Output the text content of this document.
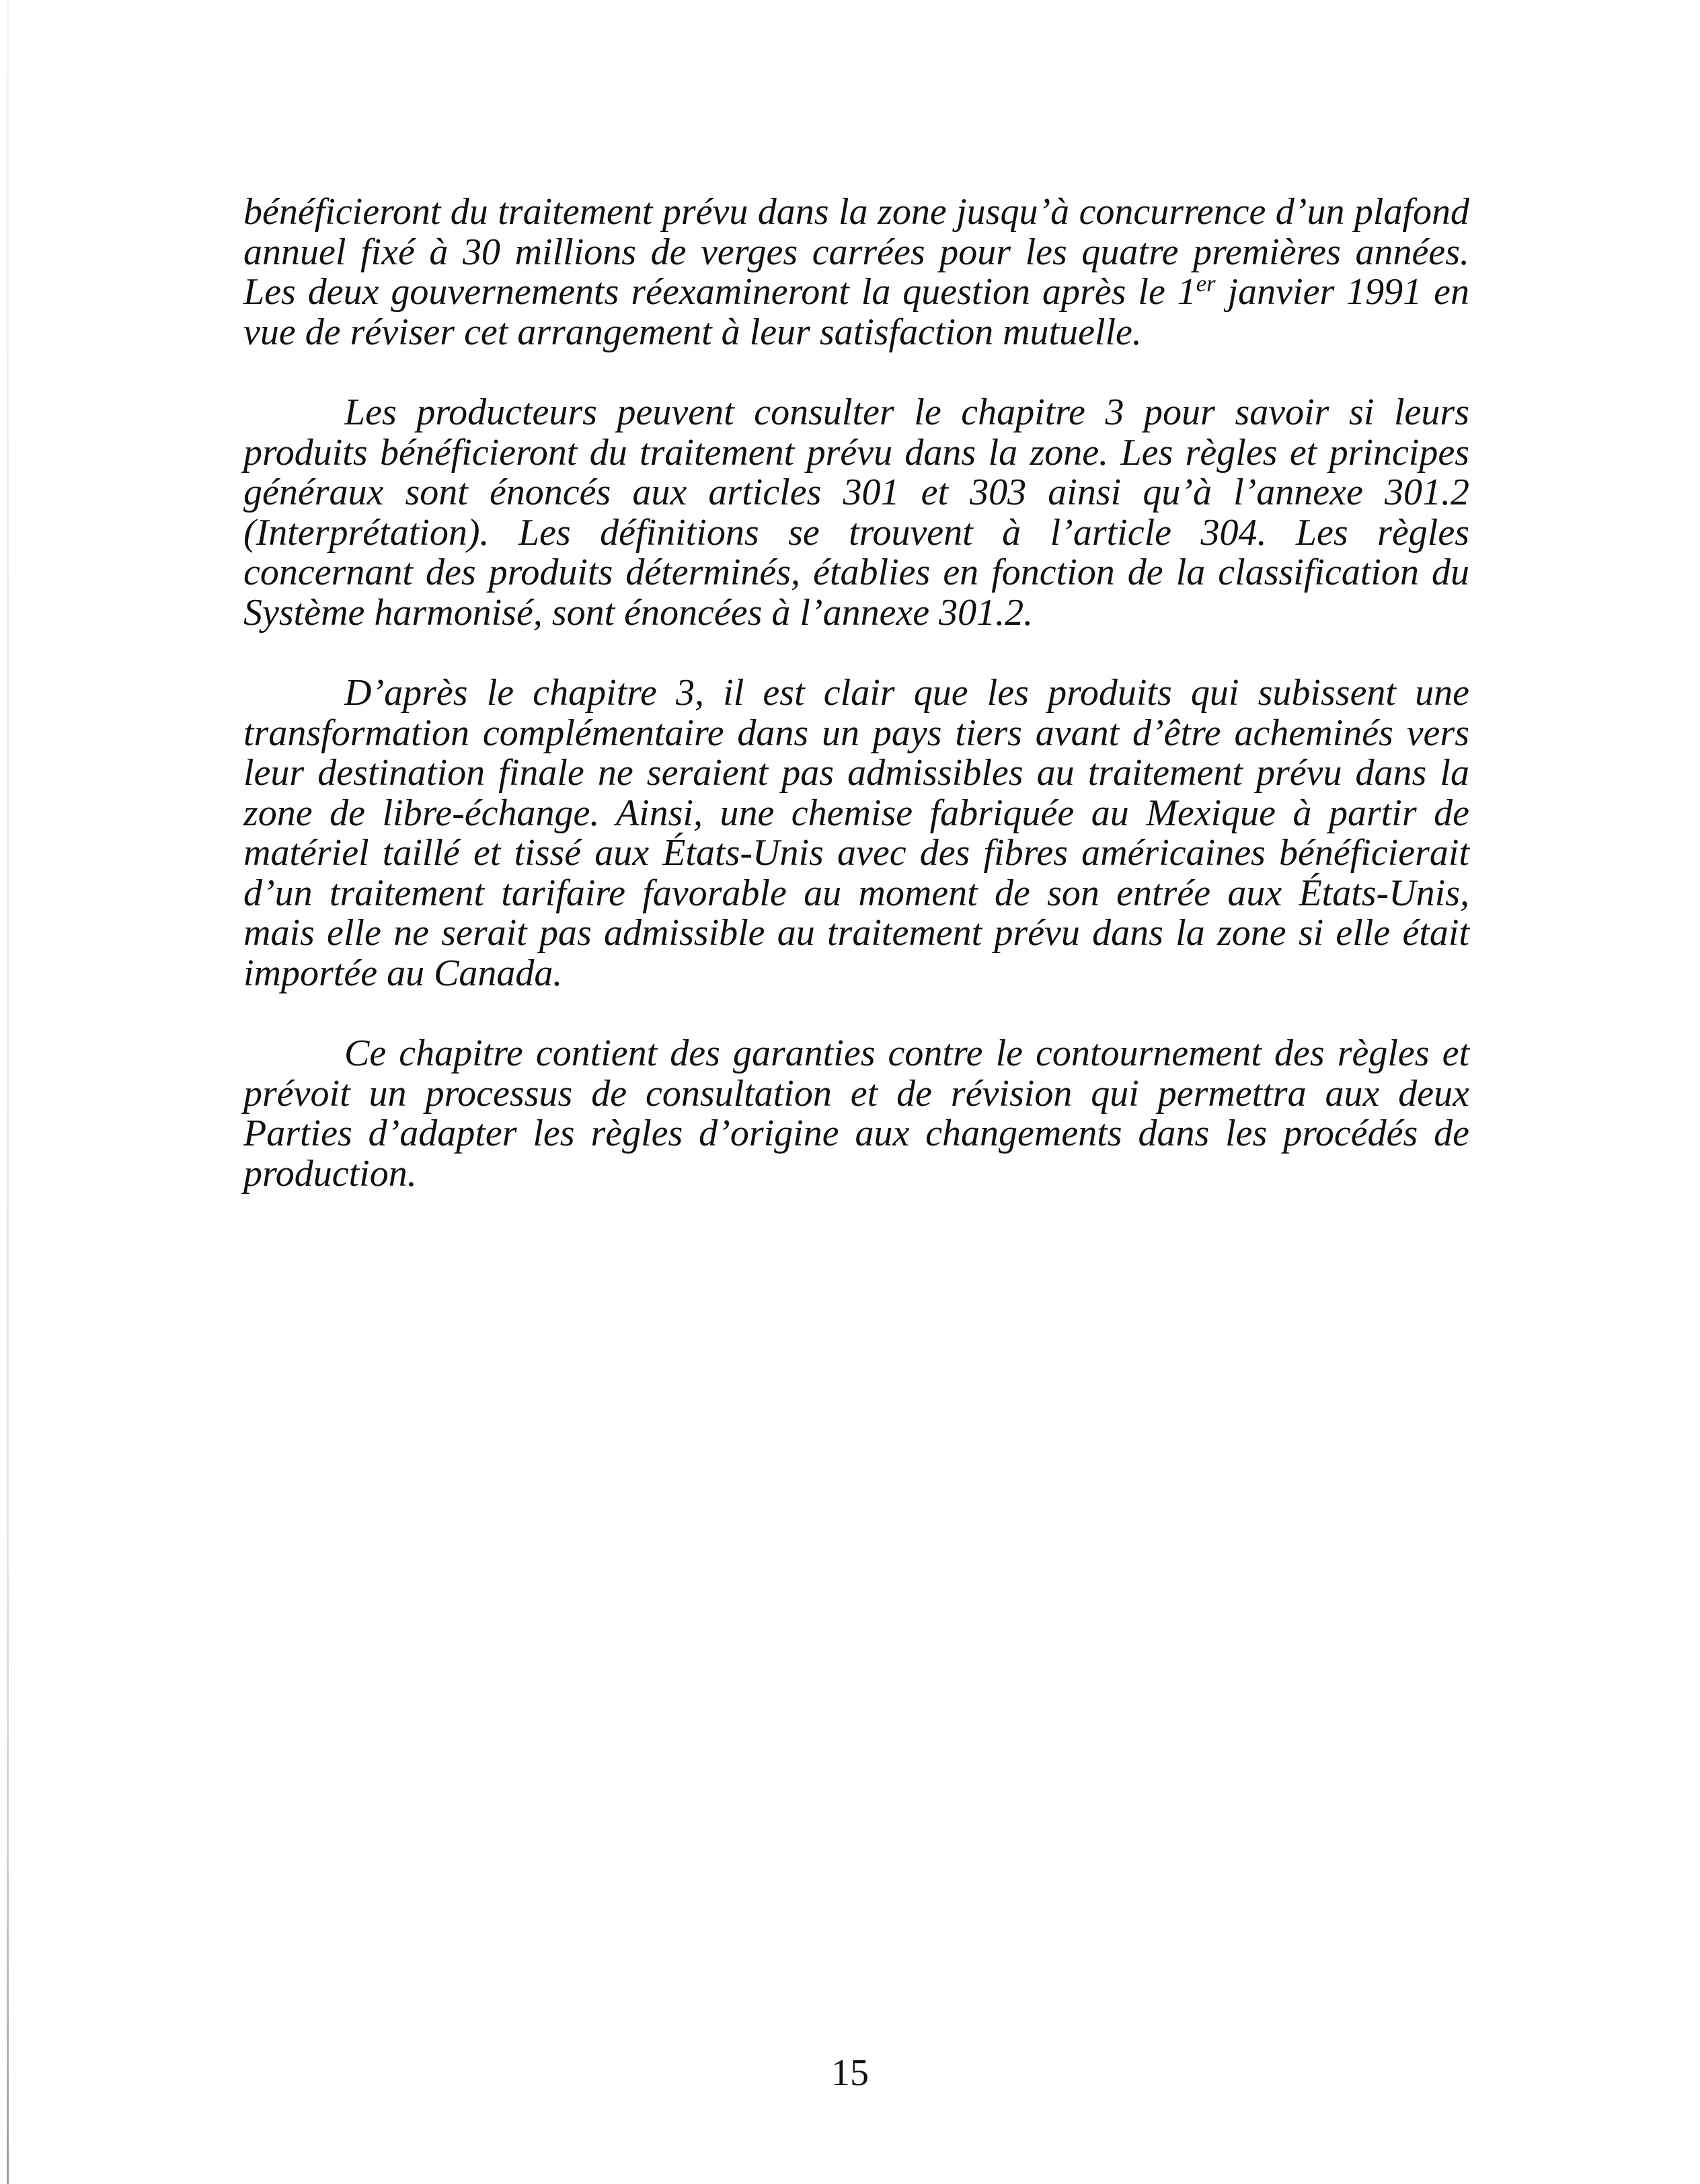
bénéficieront du traitement prévu dans la zone jusqu’à concurrence d’un plafond annuel fixé à 30 millions de verges carrées pour les quatre premières années. Les deux gouvernements réexamineront la question après le 1er janvier 1991 en vue de réviser cet arrangement à leur satisfaction mutuelle.

Les producteurs peuvent consulter le chapitre 3 pour savoir si leurs produits bénéficieront du traitement prévu dans la zone. Les règles et principes généraux sont énoncés aux articles 301 et 303 ainsi qu’à l’annexe 301.2 (Interprétation). Les définitions se trouvent à l’article 304. Les règles concernant des produits déterminés, établies en fonction de la classification du Système harmonisé, sont énoncées à l’annexe 301.2.

D’après le chapitre 3, il est clair que les produits qui subissent une transformation complémentaire dans un pays tiers avant d’être acheminés vers leur destination finale ne seraient pas admissibles au traitement prévu dans la zone de libre-échange. Ainsi, une chemise fabriquée au Mexique à partir de matériel taillé et tissé aux États-Unis avec des fibres américaines bénéficierait d’un traitement tarifaire favorable au moment de son entrée aux États-Unis, mais elle ne serait pas admissible au traitement prévu dans la zone si elle était importée au Canada.

Ce chapitre contient des garanties contre le contournement des règles et prévoit un processus de consultation et de révision qui permettra aux deux Parties d’adapter les règles d’origine aux changements dans les procédés de production.

15
